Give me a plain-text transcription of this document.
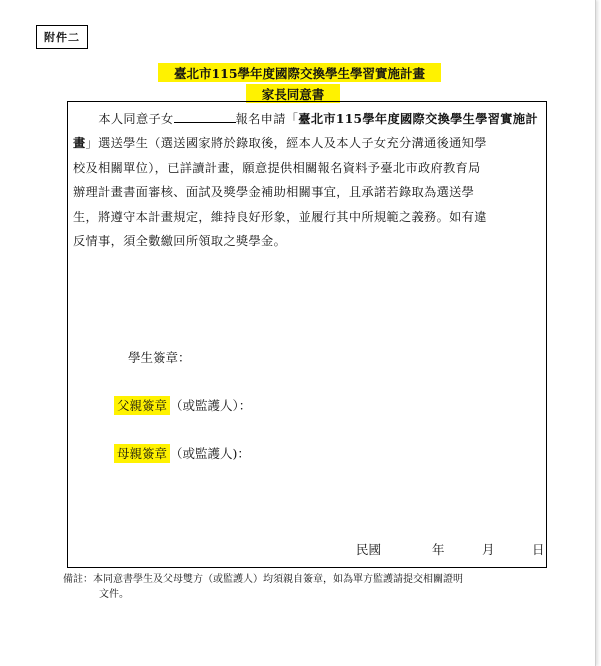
附件二
臺北市115學年度國際交換學生學習實施計畫
家長同意書
本人同意子女	報名申請「臺北市115學年度國際交換學生學習實施計
畫」選送學生（選送國家將於錄取後，經本人及本人子女充分溝通後通知學
校及相關單位），已詳讀計畫，願意提供相關報名資料予臺北市政府教育局
辦理計畫書面審核、面試及獎學金補助相關事宜，且承諾若錄取為選送學
生，將遵守本計畫規定，維持良好形象，並履行其中所規範之義務。如有違
反情事，須全數繳回所領取之獎學金。
學生簽章：
父親簽章 （或監護人）：
母親簽章 （或監護人)：
民國	年	月	日
備註：本同意書學生及父母雙方（或監護人）均須親自簽章，如為單方監護請提交相關證明
文件。
